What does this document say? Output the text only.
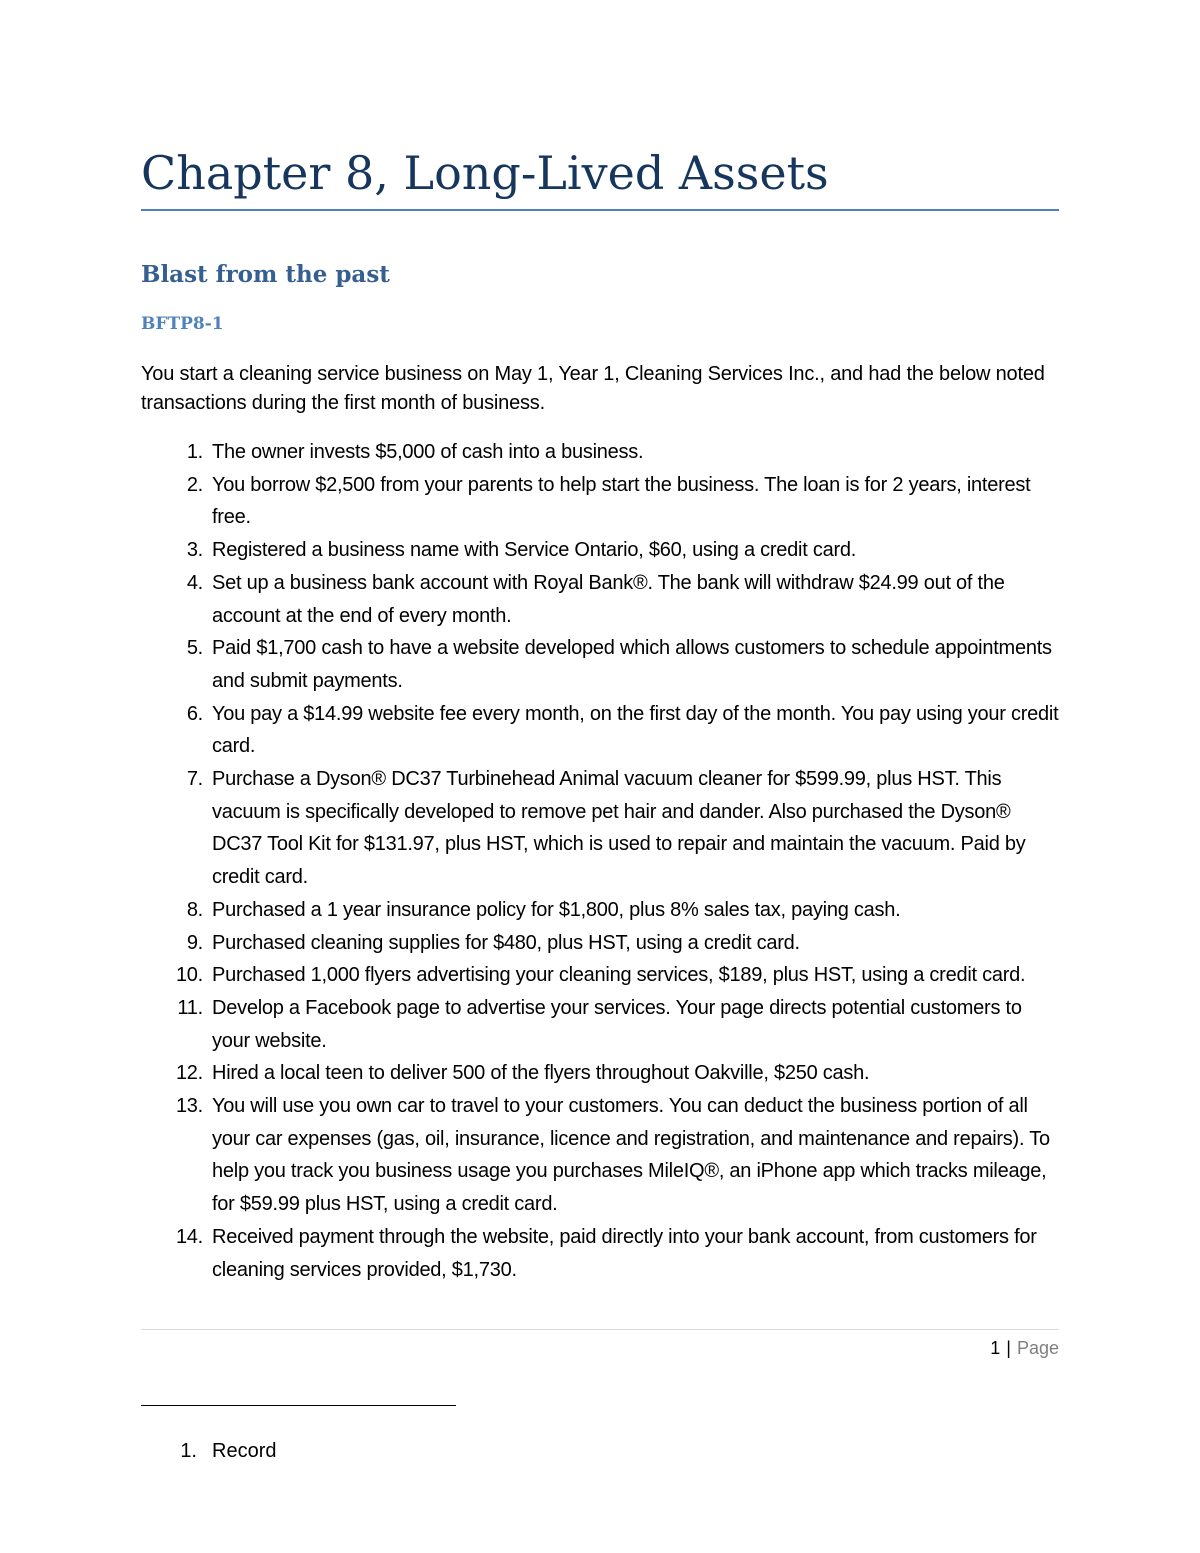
Chapter 8, Long-Lived Assets
Blast from the past
BFTP8-1

You start a cleaning service business on May 1, Year 1, Cleaning Services Inc., and had the below noted transactions during the first month of business.

1. The owner invests $5,000 of cash into a business.
2. You borrow $2,500 from your parents to help start the business. The loan is for 2 years, interest free.
3. Registered a business name with Service Ontario, $60, using a credit card.
4. Set up a business bank account with Royal Bank®. The bank will withdraw $24.99 out of the account at the end of every month.
5. Paid $1,700 cash to have a website developed which allows customers to schedule appointments and submit payments.
6. You pay a $14.99 website fee every month, on the first day of the month. You pay using your credit card.
7. Purchase a Dyson® DC37 Turbinehead Animal vacuum cleaner for $599.99, plus HST. This vacuum is specifically developed to remove pet hair and dander. Also purchased the Dyson® DC37 Tool Kit for $131.97, plus HST, which is used to repair and maintain the vacuum. Paid by credit card.
8. Purchased a 1 year insurance policy for $1,800, plus 8% sales tax, paying cash.
9. Purchased cleaning supplies for $480, plus HST, using a credit card.
10. Purchased 1,000 flyers advertising your cleaning services, $189, plus HST, using a credit card.
11. Develop a Facebook page to advertise your services. Your page directs potential customers to your website.
12. Hired a local teen to deliver 500 of the flyers throughout Oakville, $250 cash.
13. You will use you own car to travel to your customers. You can deduct the business portion of all your car expenses (gas, oil, insurance, licence and registration, and maintenance and repairs). To help you track you business usage you purchases MileIQ®, an iPhone app which tracks mileage, for $59.99 plus HST, using a credit card.
14. Received payment through the website, paid directly into your bank account, from customers for cleaning services provided, $1,730.
1 | Page
1. Record
